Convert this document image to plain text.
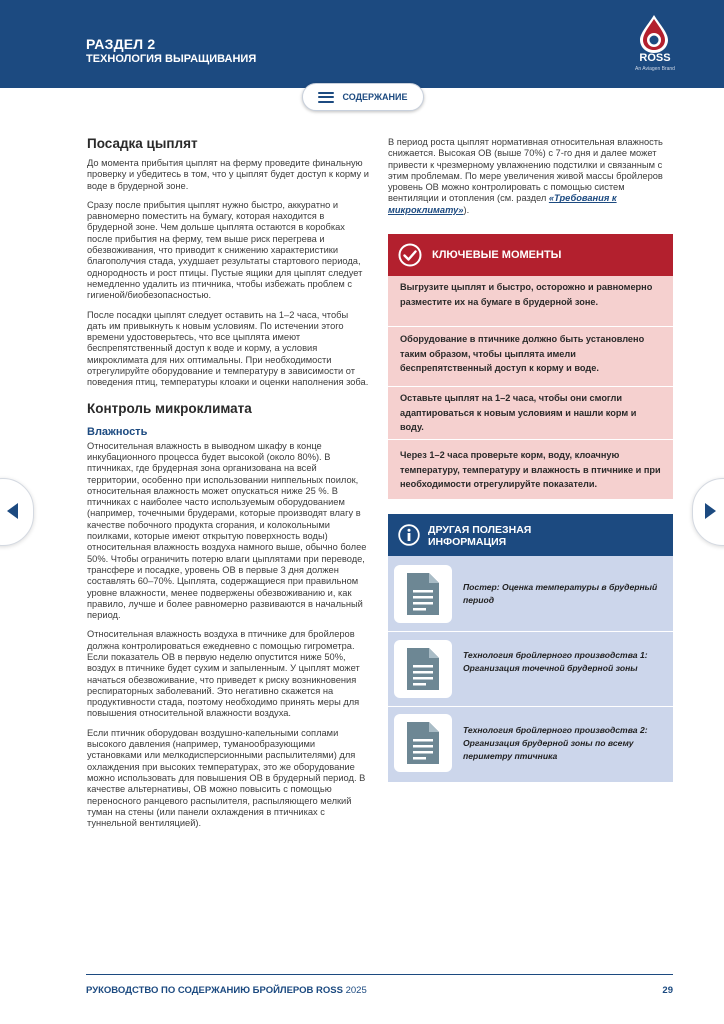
РАЗДЕЛ 2
ТЕХНОЛОГИЯ ВЫРАЩИВАНИЯ	ROSS
An Aviagen Brand
СОДЕРЖАНИЕ
Посадка цыплят

До момента прибытия цыплят на ферму проведите финальную проверку и убедитесь в том, что у цыплят будет доступ к корму и воде в брудерной зоне.

Сразу после прибытия цыплят нужно быстро, аккуратно и равномерно поместить на бумагу, которая находится в брудерной зоне. Чем дольше цыплята остаются в коробках после прибытия на ферму, тем выше риск перегрева и обезвоживания, что приводит к снижению характеристики благополучия стада, ухудшает результаты стартового периода, однородность и рост птицы. Пустые ящики для цыплят следует немедленно удалить из птичника, чтобы избежать проблем с гигиеной/биобезопасностью.

После посадки цыплят следует оставить на 1–2 часа, чтобы дать им привыкнуть к новым условиям. По истечении этого времени удостоверьтесь, что все цыплята имеют беспрепятственный доступ к воде и корму, а условия микроклимата для них оптимальны. При необходимости отрегулируйте оборудование и температуру в зависимости от поведения птиц, температуры клоаки и оценки наполнения зоба.

Контроль микроклимата
Влажность

Относительная влажность в выводном шкафу в конце инкубационного процесса будет высокой (около 80%). В птичниках, где брудерная зона организована на всей территории, особенно при использовании ниппельных поилок, относительная влажность может опускаться ниже 25 %. В птичниках с наиболее часто используемым оборудованием (например, точечными брудерами, которые производят влагу в качестве побочного продукта сгорания, и колокольными поилками, которые имеют открытую поверхность воды) относительная влажность воздуха намного выше, обычно более 50%. Чтобы ограничить потерю влаги цыплятами при переводе, трансфере и посадке, уровень ОВ в первые 3 дня должен составлять 60–70%. Цыплята, содержащиеся при правильном уровне влажности, менее подвержены обезвоживанию и, как правило, лучше и более равномерно развиваются в начальный период.

Относительная влажность воздуха в птичнике для бройлеров должна контролироваться ежедневно с помощью гигрометра. Если показатель ОВ в первую неделю опустится ниже 50%, воздух в птичнике будет сухим и запыленным. У цыплят может начаться обезвоживание, что приведет к риску возникновения респираторных заболеваний. Это негативно скажется на продуктивности стада, поэтому необходимо принять меры для повышения относительной влажности воздуха.

Если птичник оборудован воздушно-капельными соплами высокого давления (например, туманообразующими установками или мелкодисперсионными распылителями) для охлаждения при высоких температурах, это же оборудование можно использовать для повышения ОВ в брудерный период. В качестве альтернативы, ОВ можно повысить с помощью переносного ранцевого распылителя, распыляющего мелкий туман на стены (или панели охлаждения в птичниках с туннельной вентиляцией).

В период роста цыплят нормативная относительная влажность снижается. Высокая ОВ (выше 70%) с 7-го дня и далее может привести к чрезмерному увлажнению подстилки и связанным с этим проблемам. По мере увеличения живой массы бройлеров уровень ОВ можно контролировать с помощью систем вентиляции и отопления (см. раздел «Требования к микроклимату»).

КЛЮЧЕВЫЕ МОМЕНТЫ
Выгрузите цыплят и быстро, осторожно и равномерно разместите их на бумаге в брудерной зоне.
Оборудование в птичнике должно быть установлено таким образом, чтобы цыплята имели беспрепятственный доступ к корму и воде.
Оставьте цыплят на 1–2 часа, чтобы они смогли адаптироваться к новым условиям и нашли корм и воду.
Через 1–2 часа проверьте корм, воду, клоачную температуру, температуру и влажность в птичнике и при необходимости отрегулируйте показатели.
ДРУГАЯ ПОЛЕЗНАЯ
ИНФОРМАЦИЯ
Постер: Оценка температуры в брудерный период
Технология бройлерного производства 1: Организация точечной брудерной зоны
Технология бройлерного производства 2: Организация брудерной зоны по всему периметру птичника
РУКОВОДСТВО ПО СОДЕРЖАНИЮ БРОЙЛЕРОВ ROSS 2025	29
